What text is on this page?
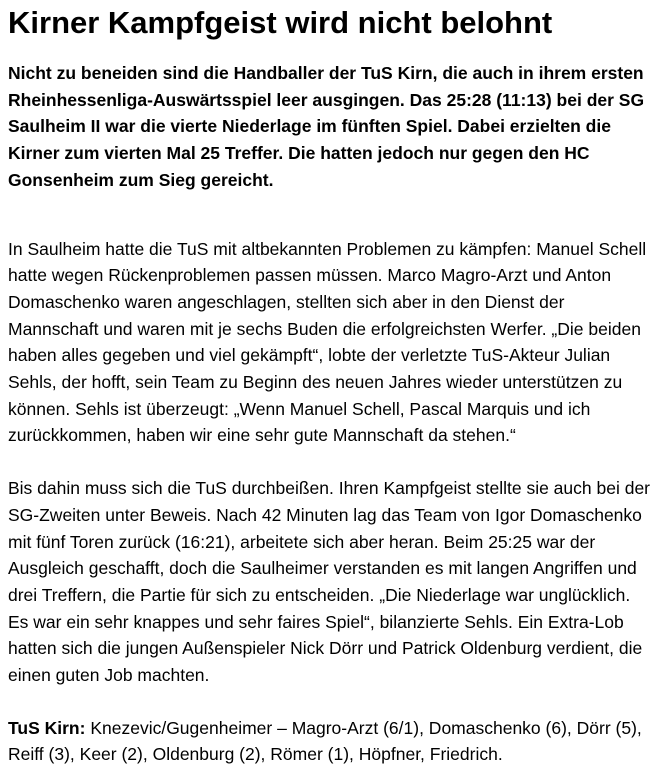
Kirner Kampfgeist wird nicht belohnt

Nicht zu beneiden sind die Handballer der TuS Kirn, die auch in ihrem ersten Rheinhessenliga-Auswärtsspiel leer ausgingen. Das 25:28 (11:13) bei der SG Saulheim II war die vierte Niederlage im fünften Spiel. Dabei erzielten die Kirner zum vierten Mal 25 Treffer. Die hatten jedoch nur gegen den HC Gonsenheim zum Sieg gereicht.

In Saulheim hatte die TuS mit altbekannten Problemen zu kämpfen: Manuel Schell hatte wegen Rückenproblemen passen müssen. Marco Magro-Arzt und Anton Domaschenko waren angeschlagen, stellten sich aber in den Dienst der Mannschaft und waren mit je sechs Buden die erfolgreichsten Werfer. „Die beiden haben alles gegeben und viel gekämpft“, lobte der verletzte TuS-Akteur Julian Sehls, der hofft, sein Team zu Beginn des neuen Jahres wieder unterstützen zu können. Sehls ist überzeugt: „Wenn Manuel Schell, Pascal Marquis und ich zurückkommen, haben wir eine sehr gute Mannschaft da stehen.“

Bis dahin muss sich die TuS durchbeißen. Ihren Kampfgeist stellte sie auch bei der SG-Zweiten unter Beweis. Nach 42 Minuten lag das Team von Igor Domaschenko mit fünf Toren zurück (16:21), arbeitete sich aber heran. Beim 25:25 war der Ausgleich geschafft, doch die Saulheimer verstanden es mit langen Angriffen und drei Treffern, die Partie für sich zu entscheiden. „Die Niederlage war unglücklich. Es war ein sehr knappes und sehr faires Spiel“, bilanzierte Sehls. Ein Extra-Lob hatten sich die jungen Außenspieler Nick Dörr und Patrick Oldenburg verdient, die einen guten Job machten.

TuS Kirn: Knezevic/Gugenheimer – Magro-Arzt (6/1), Domaschenko (6), Dörr (5), Reiff (3), Keer (2), Oldenburg (2), Römer (1), Höpfner, Friedrich.
